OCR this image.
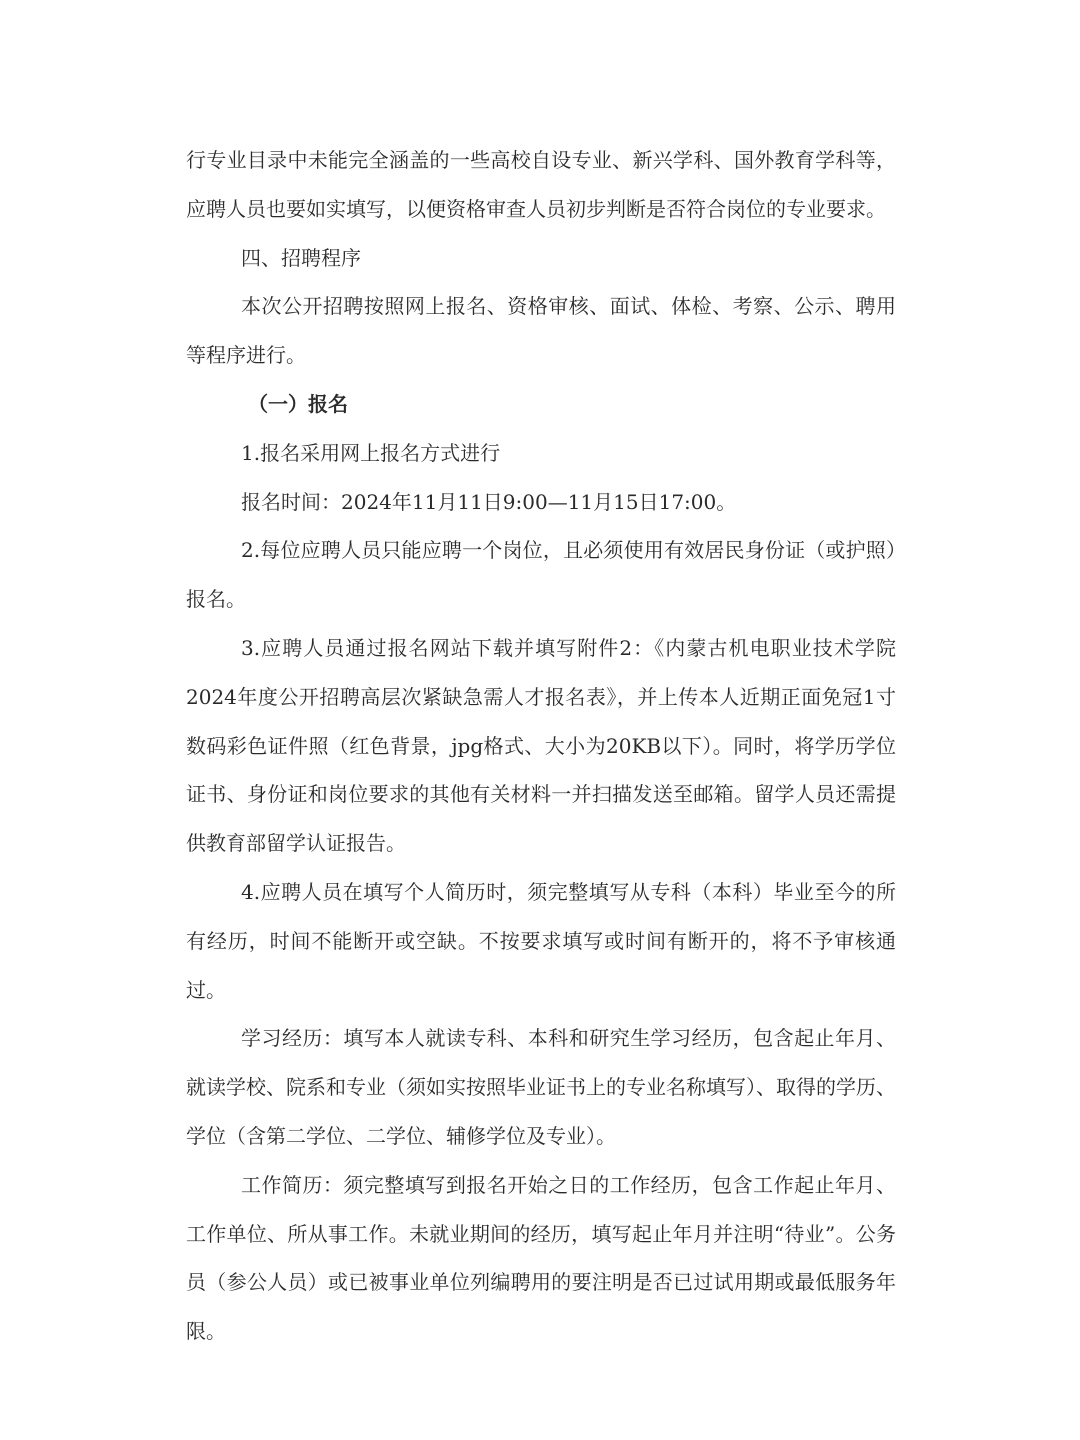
行专业目录中未能完全涵盖的一些高校自设专业、新兴学科、国外教育学科等，应聘人员也要如实填写，以便资格审查人员初步判断是否符合岗位的专业要求。

四、招聘程序

本次公开招聘按照网上报名、资格审核、面试、体检、考察、公示、聘用等程序进行。

（一）报名

1.报名采用网上报名方式进行

报名时间：2024年11月11日9:00—11月15日17:00。

2.每位应聘人员只能应聘一个岗位，且必须使用有效居民身份证（或护照）报名。

3.应聘人员通过报名网站下载并填写附件2：《内蒙古机电职业技术学院2024年度公开招聘高层次紧缺急需人才报名表》，并上传本人近期正面免冠1寸数码彩色证件照（红色背景，jpg格式、大小为20KB以下）。同时，将学历学位证书、身份证和岗位要求的其他有关材料一并扫描发送至邮箱。留学人员还需提供教育部留学认证报告。

4.应聘人员在填写个人简历时，须完整填写从专科（本科）毕业至今的所有经历，时间不能断开或空缺。不按要求填写或时间有断开的，将不予审核通过。

学习经历：填写本人就读专科、本科和研究生学习经历，包含起止年月、就读学校、院系和专业（须如实按照毕业证书上的专业名称填写）、取得的学历、学位（含第二学位、二学位、辅修学位及专业）。

工作简历：须完整填写到报名开始之日的工作经历，包含工作起止年月、工作单位、所从事工作。未就业期间的经历，填写起止年月并注明“待业”。公务员（参公人员）或已被事业单位列编聘用的要注明是否已过试用期或最低服务年限。
